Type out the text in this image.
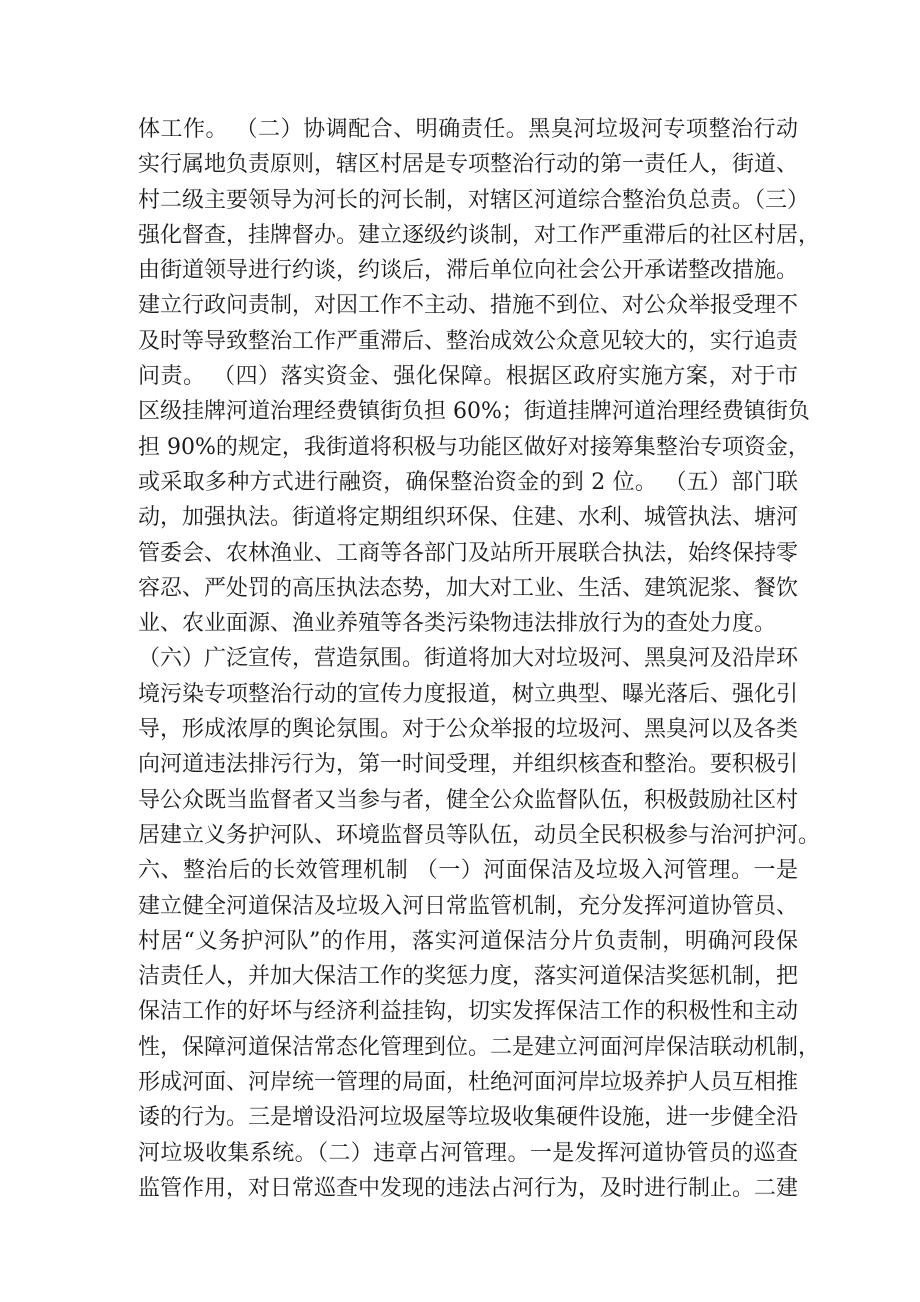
体工作。 （二）协调配合、明确责任。黑臭河垃圾河专项整治行动
实行属地负责原则，辖区村居是专项整治行动的第一责任人，街道、
村二级主要领导为河长的河长制，对辖区河道综合整治负总责。（三）
强化督查，挂牌督办。建立逐级约谈制，对工作严重滞后的社区村居，
由街道领导进行约谈，约谈后，滞后单位向社会公开承诺整改措施。
建立行政问责制，对因工作不主动、措施不到位、对公众举报受理不
及时等导致整治工作严重滞后、整治成效公众意见较大的，实行追责
问责。 （四）落实资金、强化保障。根据区政府实施方案，对于市
区级挂牌河道治理经费镇街负担 60%；街道挂牌河道治理经费镇街负
担 90%的规定，我街道将积极与功能区做好对接筹集整治专项资金，
或采取多种方式进行融资，确保整治资金的到 2 位。 （五）部门联
动，加强执法。街道将定期组织环保、住建、水利、城管执法、塘河
管委会、农林渔业、工商等各部门及站所开展联合执法，始终保持零
容忍、严处罚的高压执法态势，加大对工业、生活、建筑泥浆、餐饮
业、农业面源、渔业养殖等各类污染物违法排放行为的查处力度。
（六）广泛宣传，营造氛围。街道将加大对垃圾河、黑臭河及沿岸环
境污染专项整治行动的宣传力度报道，树立典型、曝光落后、强化引
导，形成浓厚的舆论氛围。对于公众举报的垃圾河、黑臭河以及各类
向河道违法排污行为，第一时间受理，并组织核查和整治。要积极引
导公众既当监督者又当参与者，健全公众监督队伍，积极鼓励社区村
居建立义务护河队、环境监督员等队伍，动员全民积极参与治河护河。
六、整治后的长效管理机制 （一）河面保洁及垃圾入河管理。一是
建立健全河道保洁及垃圾入河日常监管机制，充分发挥河道协管员、
村居“义务护河队”的作用，落实河道保洁分片负责制，明确河段保
洁责任人，并加大保洁工作的奖惩力度，落实河道保洁奖惩机制，把
保洁工作的好坏与经济利益挂钩，切实发挥保洁工作的积极性和主动
性，保障河道保洁常态化管理到位。二是建立河面河岸保洁联动机制，
形成河面、河岸统一管理的局面，杜绝河面河岸垃圾养护人员互相推
诿的行为。三是增设沿河垃圾屋等垃圾收集硬件设施，进一步健全沿
河垃圾收集系统。（二）违章占河管理。一是发挥河道协管员的巡查
监管作用，对日常巡查中发现的违法占河行为，及时进行制止。二建
